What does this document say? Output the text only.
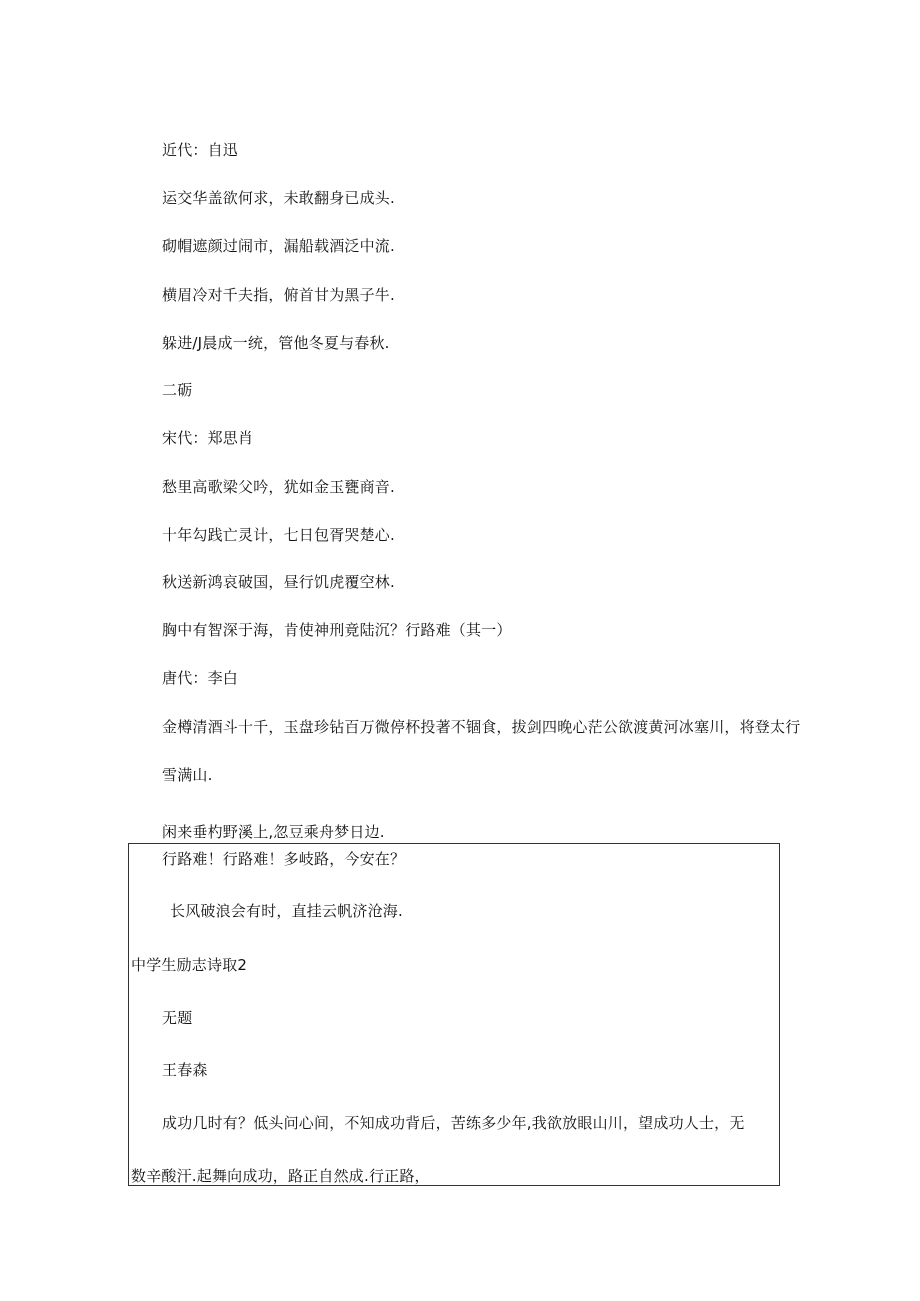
近代：自迅
运交华盖欲何求，未敢翻身已成头.
砌帽遮颜过闹市，漏船载酒泛中流.
横眉冷对千夫指，俯首甘为黑子牛.
躲进/J晨成一统，管他冬夏与春秋.
二砺
宋代：郑思肖
愁里高歌梁父吟，犹如金玉甕商音.
十年勾践亡灵计，七日包胥哭楚心.
秋送新鸿哀破国，昼行饥虎覆空林.
胸中有智深于海，肯使神刑竟陆沉？行路难（其一）
唐代：李白
金樽清酒斗十千，玉盘珍钻百万微停杯投著不锢食，拔剑四晚心茫公欲渡黄河冰塞川，将登太行
雪满山.
闲来垂杓野溪上,忽豆乘舟梦日边.
行路难！行路难！多岐路，今安在？
长风破浪会有时，直挂云帆济沧海.
中学生励志诗取2
无题
王春森
成功几时有？低头问心间，不知成功背后，苦练多少年,我欲放眼山川，望成功人士，无
数辛酸汗.起舞向成功，路正自然成.行正路，
